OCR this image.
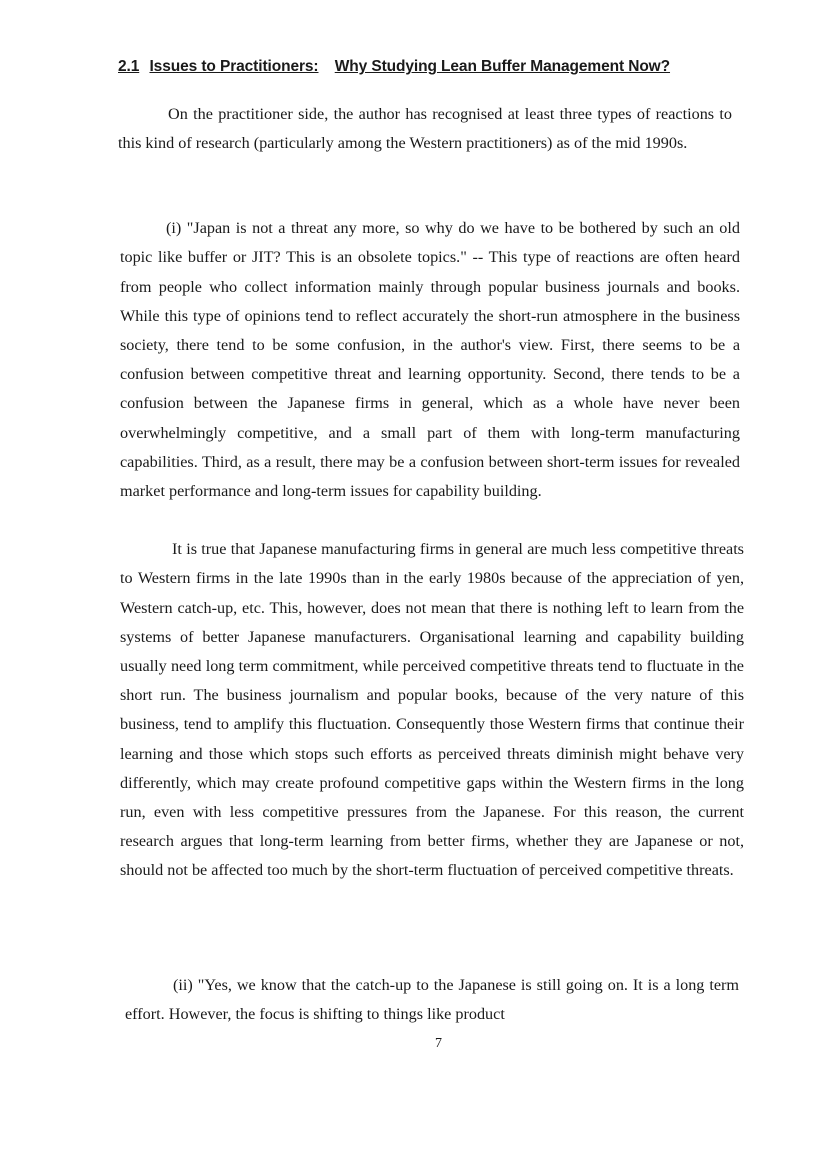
2.1 Issues to Practitioners: Why Studying Lean Buffer Management Now?

On the practitioner side, the author has recognised at least three types of reactions to this kind of research (particularly among the Western practitioners) as of the mid 1990s.

(i) "Japan is not a threat any more, so why do we have to be bothered by such an old topic like buffer or JIT? This is an obsolete topics." -- This type of reactions are often heard from people who collect information mainly through popular business journals and books. While this type of opinions tend to reflect accurately the short-run atmosphere in the business society, there tend to be some confusion, in the author's view. First, there seems to be a confusion between competitive threat and learning opportunity. Second, there tends to be a confusion between the Japanese firms in general, which as a whole have never been overwhelmingly competitive, and a small part of them with long-term manufacturing capabilities. Third, as a result, there may be a confusion between short-term issues for revealed market performance and long-term issues for capability building.

It is true that Japanese manufacturing firms in general are much less competitive threats to Western firms in the late 1990s than in the early 1980s because of the appreciation of yen, Western catch-up, etc. This, however, does not mean that there is nothing left to learn from the systems of better Japanese manufacturers. Organisational learning and capability building usually need long term commitment, while perceived competitive threats tend to fluctuate in the short run. The business journalism and popular books, because of the very nature of this business, tend to amplify this fluctuation. Consequently those Western firms that continue their learning and those which stops such efforts as perceived threats diminish might behave very differently, which may create profound competitive gaps within the Western firms in the long run, even with less competitive pressures from the Japanese. For this reason, the current research argues that long-term learning from better firms, whether they are Japanese or not, should not be affected too much by the short-term fluctuation of perceived competitive threats.

(ii) "Yes, we know that the catch-up to the Japanese is still going on. It is a long term effort. However, the focus is shifting to things like product

7
